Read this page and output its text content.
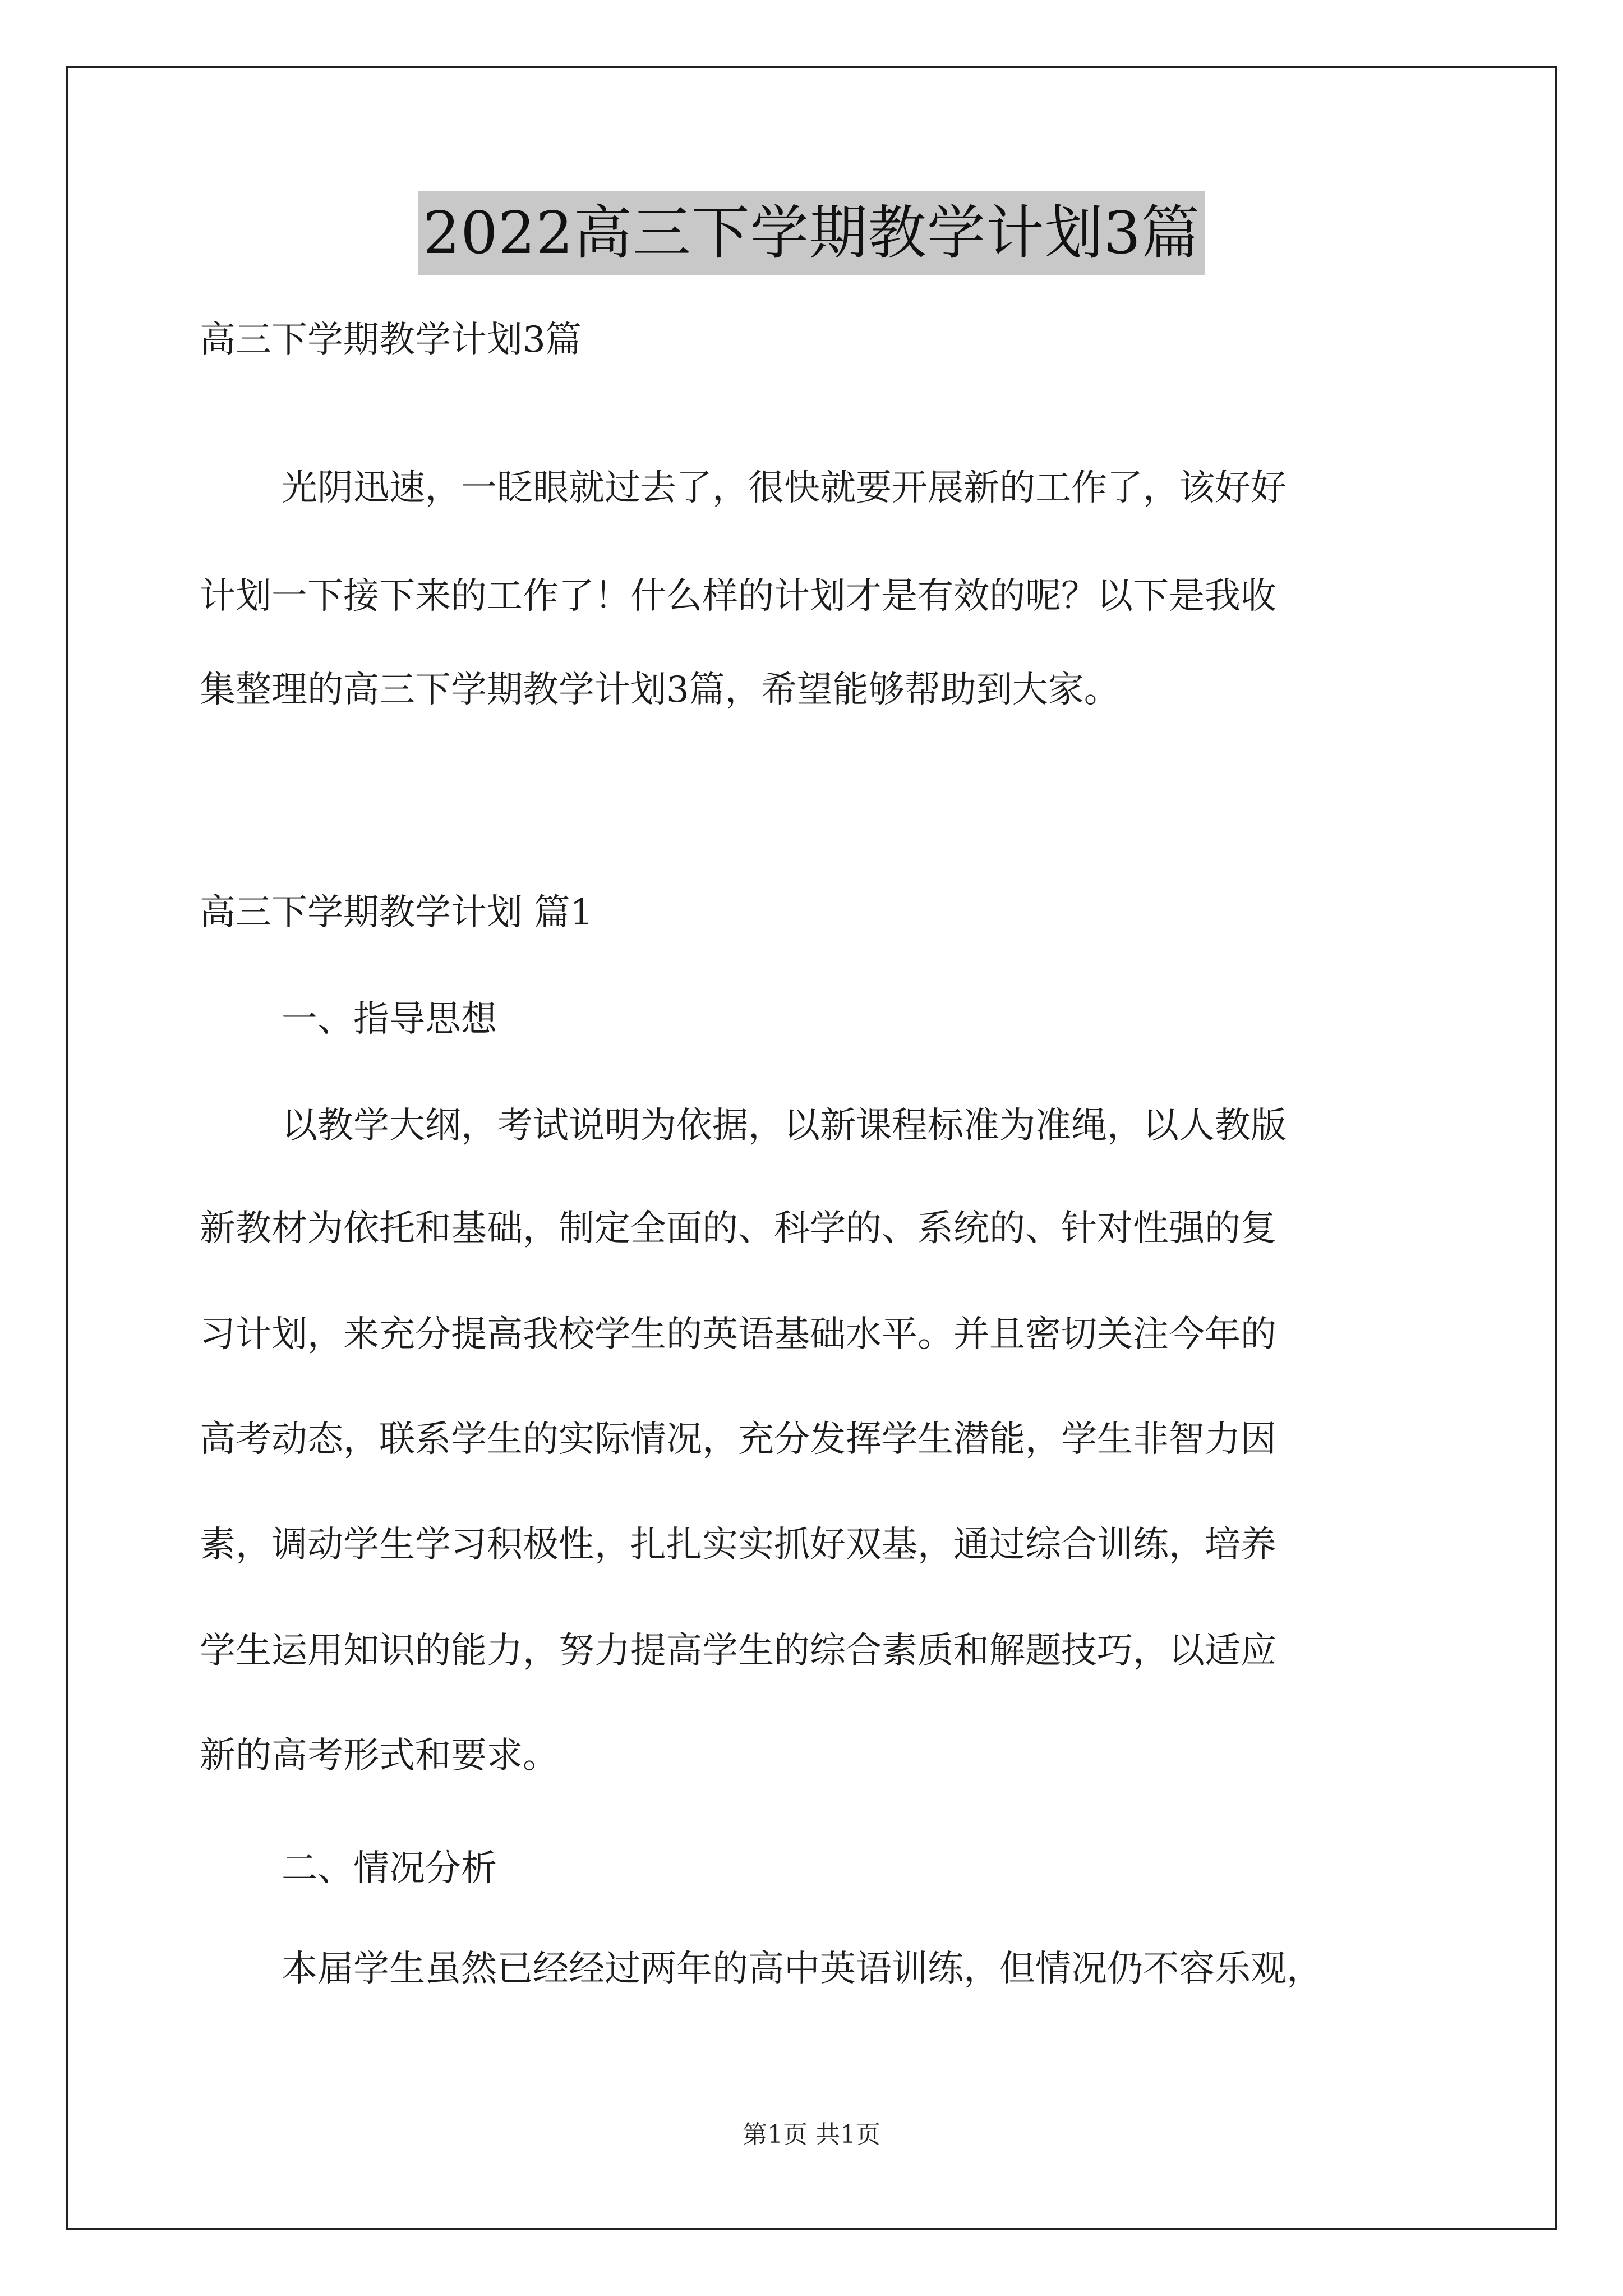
2022高三下学期教学计划3篇
高三下学期教学计划3篇
光阴迅速，一眨眼就过去了，很快就要开展新的工作了，该好好
计划一下接下来的工作了！什么样的计划才是有效的呢？以下是我收
集整理的高三下学期教学计划3篇，希望能够帮助到大家。
高三下学期教学计划 篇1
一、指导思想
以教学大纲，考试说明为依据，以新课程标准为准绳，以人教版
新教材为依托和基础，制定全面的、科学的、系统的、针对性强的复
习计划，来充分提高我校学生的英语基础水平。并且密切关注今年的
高考动态，联系学生的实际情况，充分发挥学生潜能，学生非智力因
素，调动学生学习积极性，扎扎实实抓好双基，通过综合训练，培养
学生运用知识的能力，努力提高学生的综合素质和解题技巧，以适应
新的高考形式和要求。
二、情况分析
本届学生虽然已经经过两年的高中英语训练，但情况仍不容乐观，
第1页 共1页
